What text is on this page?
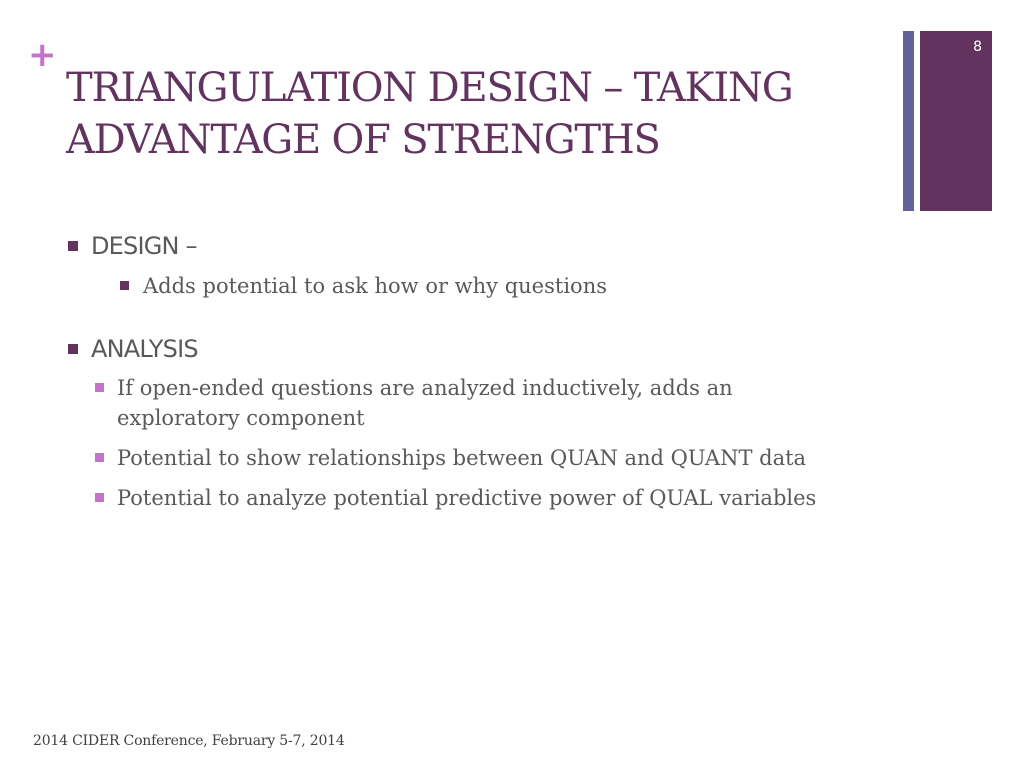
+	8
TRIANGULATION DESIGN – TAKING ADVANTAGE OF STRENGTHS
DESIGN –
Adds potential to ask how or why questions
ANALYSIS
If open-ended questions are analyzed inductively, adds an exploratory component
Potential to show relationships between QUAN and QUANT data
Potential to analyze potential predictive power of QUAL variables
2014 CIDER Conference, February 5-7, 2014
